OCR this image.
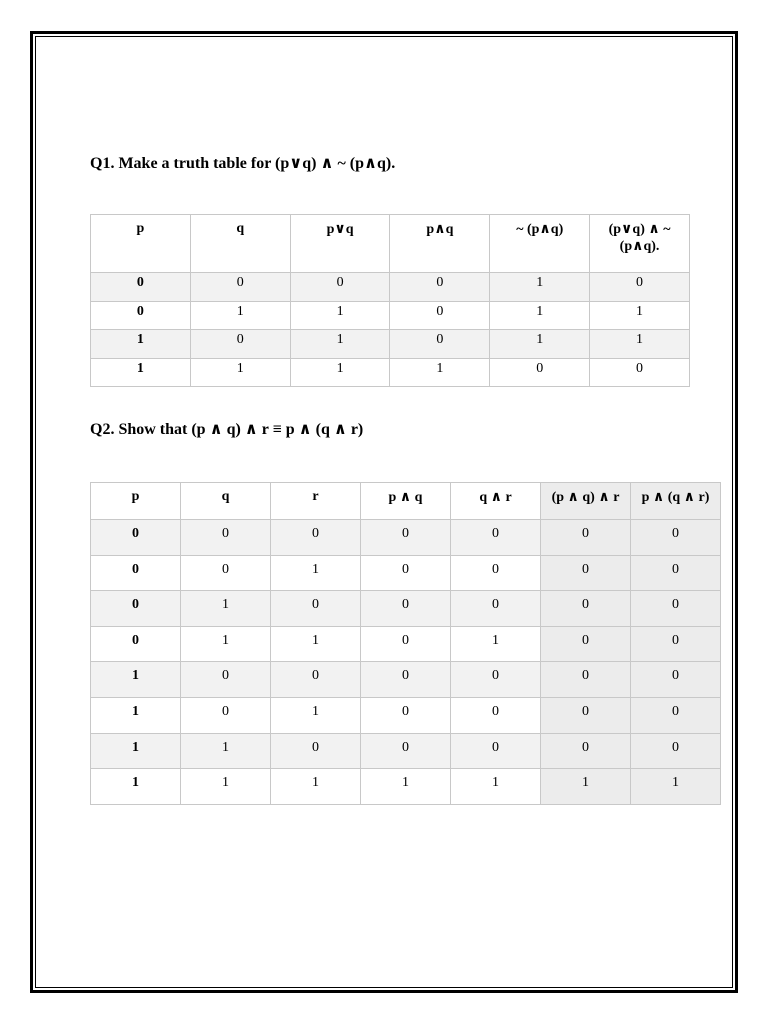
Q1. Make a truth table for (p∨q) ∧ ~ (p∧q).
p	q	p∨q	p∧q	~ (p∧q)	(p∨q) ∧ ~ (p∧q).
0	0	0	0	1	0
0	1	1	0	1	1
1	0	1	0	1	1
1	1	1	1	0	0
Q2. Show that (p ∧ q) ∧ r ≡ p ∧ (q ∧ r)
p	q	r	p ∧ q	q ∧ r	(p ∧ q) ∧ r	p ∧ (q ∧ r)
0	0	0	0	0	0	0
0	0	1	0	0	0	0
0	1	0	0	0	0	0
0	1	1	0	1	0	0
1	0	0	0	0	0	0
1	0	1	0	0	0	0
1	1	0	0	0	0	0
1	1	1	1	1	1	1
